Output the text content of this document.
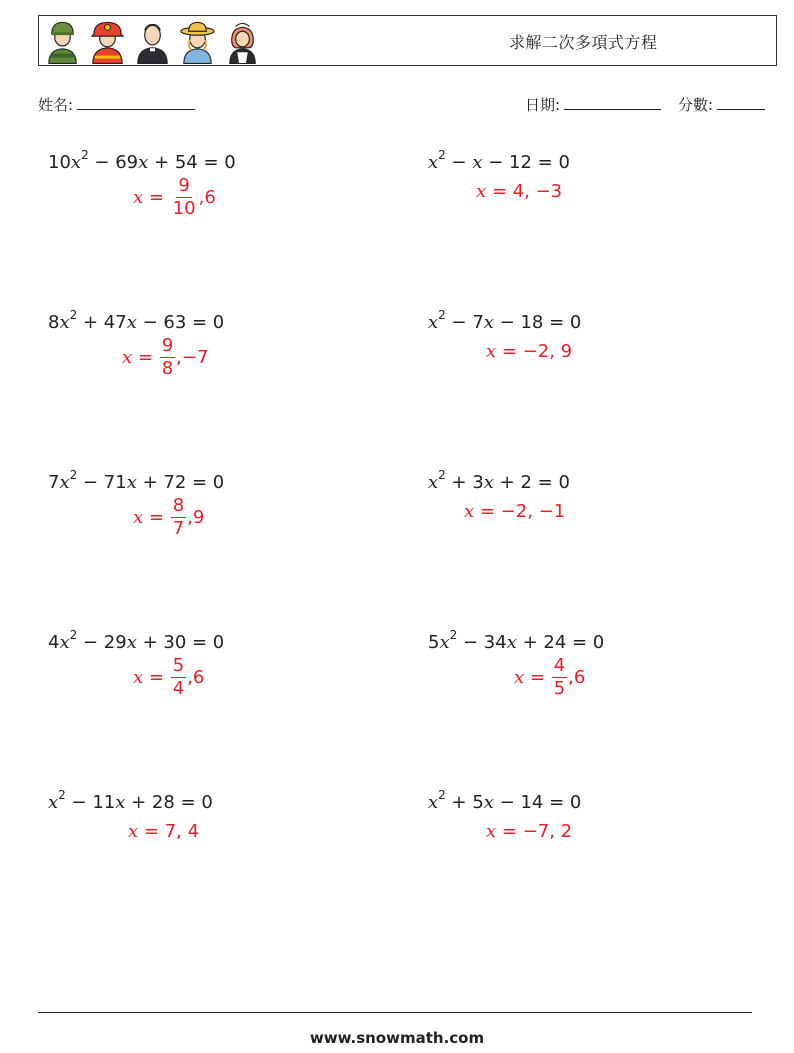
求解二次多項式方程
姓名:	日期:	分數:
$10x^2 - 69x + 54 = 0$
$x = \frac{9}{10} ,6$
$x^2 - x - 12 = 0$
x = 4, −3
$8x^2 + 47x - 63 = 0$
$x = \frac{9}{8} ,-7$
$x^2 - 7x - 18 = 0$
x = −2, 9
$7x^2 - 71x + 72 = 0$
$x = \frac{8}{7} ,9$
$x^2 + 3x + 2 = 0$
x = −2, −1
$4x^2 - 29x + 30 = 0$
$x = \frac{5}{4} ,6$
$5x^2 - 34x + 24 = 0$
$x = \frac{4}{5} ,6$
$x^2 - 11x + 28 = 0$
x = 7, 4
$x^2 + 5x - 14 = 0$
x = −7, 2
www.snowmath.com
